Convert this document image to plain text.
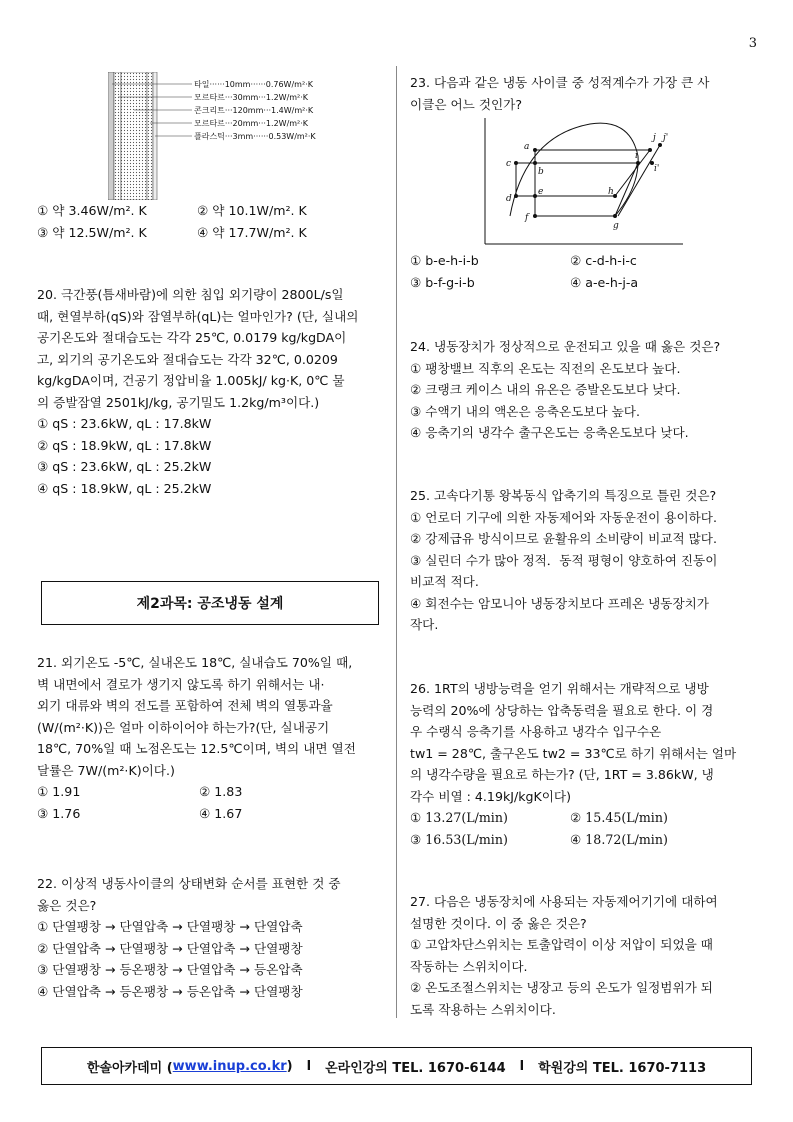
3
타일······10mm······0.76W/m²·K
모르타르···30mm···1.2W/m²·K
콘크리트···120mm···1.4W/m²·K
모르타르···20mm···1.2W/m²·K
플라스틱···3mm······0.53W/m²·K
① 약 3.46W/m². K	② 약 10.1W/m². K
③ 약 12.5W/m². K	④ 약 17.7W/m². K

20. 극간풍(틈새바람)에 의한 침입 외기량이 2800L/s일

때, 현열부하(qS)와 잠열부하(qL)는 얼마인가? (단, 실내의

공기온도와 절대습도는 각각 25℃, 0.0179 kg/kgDA이

고, 외기의 공기온도와 절대습도는 각각 32℃, 0.0209

kg/kgDA이며, 건공기 정압비율 1.005kJ/ kg·K, 0℃ 물

의 증발잠열 2501kJ/kg, 공기밀도 1.2kg/m³이다.)

① qS : 23.6kW, qL : 17.8kW

② qS : 18.9kW, qL : 17.8kW

③ qS : 23.6kW, qL : 25.2kW

④ qS : 18.9kW, qL : 25.2kW

제2과목: 공조냉동 설계

21. 외기온도 -5℃, 실내온도 18℃, 실내습도 70%일 때,

벽 내면에서 결로가 생기지 않도록 하기 위해서는 내·

외기 대류와 벽의 전도를 포함하여 전체 벽의 열통과율

(W/(m²·K))은 얼마 이하이어야 하는가?(단, 실내공기

18℃, 70%일 때 노점온도는 12.5℃이며, 벽의 내면 열전

달률은 7W/(m²·K)이다.)

① 1.91	② 1.83
③ 1.76	④ 1.67

22. 이상적 냉동사이클의 상태변화 순서를 표현한 것 중

옳은 것은?

① 단열팽창 → 단열압축 → 단열팽창 → 단열압축

② 단열압축 → 단열팽창 → 단열압축 → 단열팽창

③ 단열팽창 → 등온팽창 → 단열압축 → 등온압축

④ 단열압축 → 등온팽창 → 등온압축 → 단열팽창

23. 다음과 같은 냉동 사이클 중 성적계수가 가장 큰 사

이클은 어느 것인가?

a
b
c
d
e
f
g
h
i
i'
j j'
① b-e-h-i-b	② c-d-h-i-c
③ b-f-g-i-b	④ a-e-h-j-a

24. 냉동장치가 정상적으로 운전되고 있을 때 옳은 것은?

① 팽창밸브 직후의 온도는 직전의 온도보다 높다.

② 크랭크 케이스 내의 유온은 증발온도보다 낮다.

③ 수액기 내의 액온은 응축온도보다 높다.

④ 응축기의 냉각수 출구온도는 응축온도보다 낮다.

25. 고속다기통 왕복동식 압축기의 특징으로 틀린 것은?

① 언로더 기구에 의한 자동제어와 자동운전이 용이하다.

② 강제급유 방식이므로 윤활유의 소비량이 비교적 많다.

③ 실린더 수가 많아 정적．동적 평형이 양호하여 진동이

비교적 적다.

④ 회전수는 암모니아 냉동장치보다 프레온 냉동장치가

작다.

26. 1RT의 냉방능력을 얻기 위해서는 개략적으로 냉방

능력의 20%에 상당하는 압축동력을 필요로 한다. 이 경

우 수랭식 응축기를 사용하고 냉각수 입구수온

tw1 = 28℃, 출구온도 tw2 = 33℃로 하기 위해서는 얼마

의 냉각수량을 필요로 하는가? (단, 1RT = 3.86kW, 냉

각수 비열 : 4.19kJ/kgK이다)

① 13.27(L/min)	② 15.45(L/min)
③ 16.53(L/min)	④ 18.72(L/min)

27. 다음은 냉동장치에 사용되는 자동제어기기에 대하여

설명한 것이다. 이 중 옳은 것은?

① 고압차단스위치는 토출압력이 이상 저압이 되었을 때

작동하는 스위치이다.

② 온도조절스위치는 냉장고 등의 온도가 일정범위가 되

도록 작용하는 스위치이다.

한솔아카데미 ( www.inup.co.kr ) l 온라인강의 TEL. 1670-6144 l 학원강의 TEL. 1670-7113
